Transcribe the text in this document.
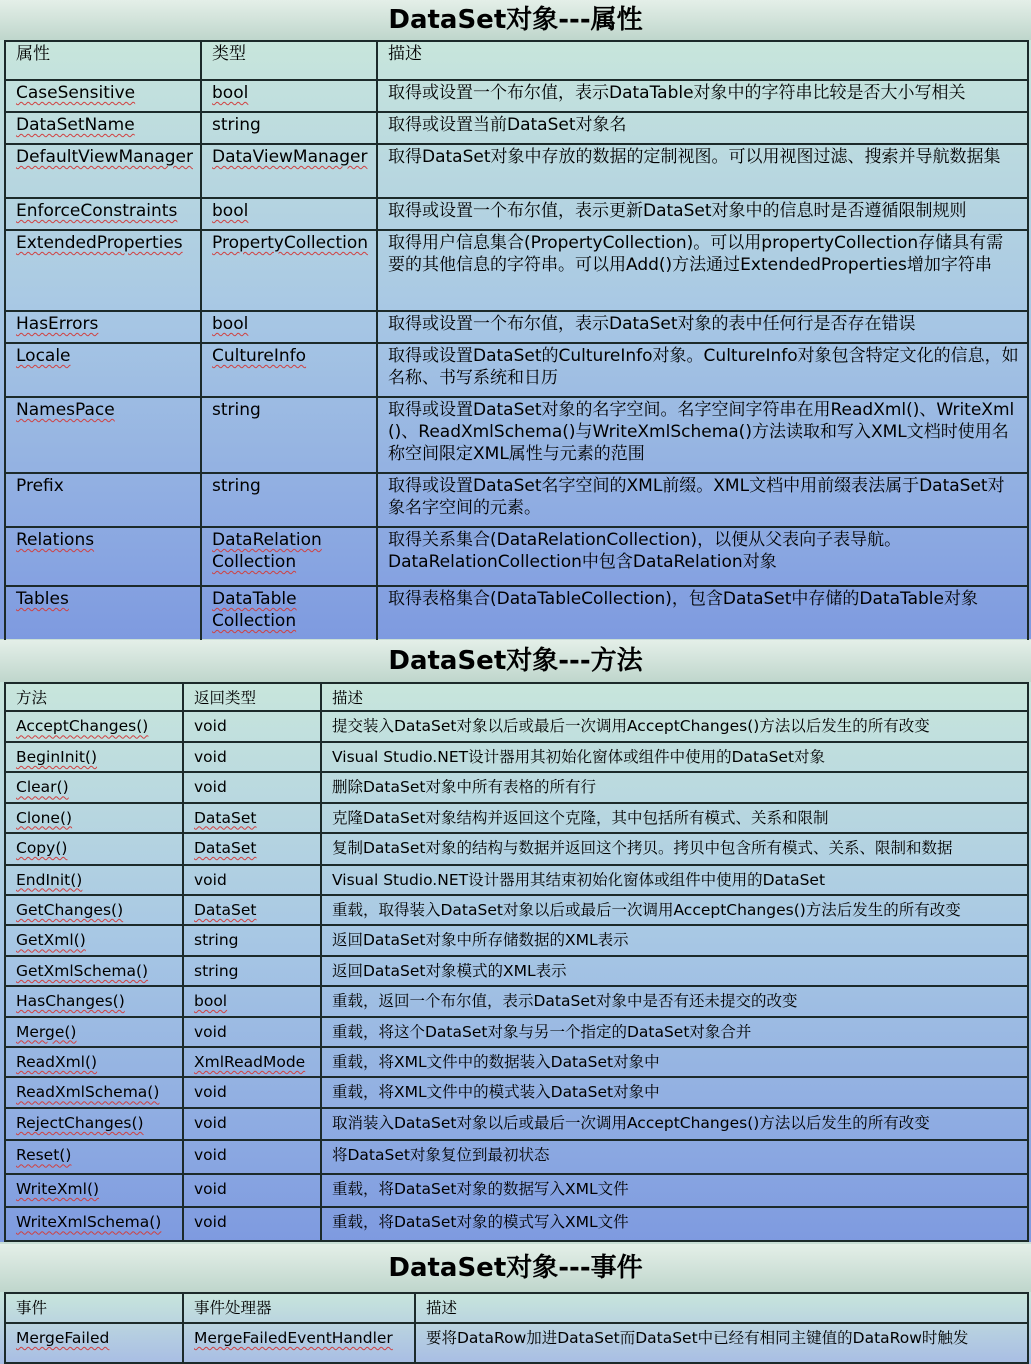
DataSet对象---属性
属性	类型	描述
CaseSensitive	bool	取得或设置一个布尔值，表示DataTable对象中的字符串比较是否大小写相关
DataSetName	string	取得或设置当前DataSet对象名
DefaultViewManager	DataViewManager	取得DataSet对象中存放的数据的定制视图。可以用视图过滤、搜索并导航数据集
EnforceConstraints	bool	取得或设置一个布尔值，表示更新DataSet对象中的信息时是否遵循限制规则
ExtendedProperties	PropertyCollection	取得用户信息集合(PropertyCollection)。可以用propertyCollection存储具有需要的其他信息的字符串。可以用Add()方法通过ExtendedProperties增加字符串
HasErrors	bool	取得或设置一个布尔值，表示DataSet对象的表中任何行是否存在错误
Locale	CultureInfo	取得或设置DataSet的CultureInfo对象。CultureInfo对象包含特定文化的信息，如名称、书写系统和日历
NamesPace	string	取得或设置DataSet对象的名字空间。名字空间字符串在用ReadXml()、WriteXml ()、ReadXmlSchema()与WriteXmlSchema()方法读取和写入XML文档时使用名称空间限定XML属性与元素的范围
Prefix	string	取得或设置DataSet名字空间的XML前缀。XML文档中用前缀表法属于DataSet对象名字空间的元素。
Relations	DataRelation Collection	取得关系集合(DataRelationCollection)，以便从父表向子表导航。DataRelationCollection中包含DataRelation对象
Tables	DataTable Collection	取得表格集合(DataTableCollection)，包含DataSet中存储的DataTable对象
DataSet对象---方法
方法	返回类型	描述
AcceptChanges()	void	提交装入DataSet对象以后或最后一次调用AcceptChanges()方法以后发生的所有改变
BeginInit()	void	Visual Studio.NET设计器用其初始化窗体或组件中使用的DataSet对象
Clear()	void	删除DataSet对象中所有表格的所有行
Clone()	DataSet	克隆DataSet对象结构并返回这个克隆，其中包括所有模式、关系和限制
Copy()	DataSet	复制DataSet对象的结构与数据并返回这个拷贝。拷贝中包含所有模式、关系、限制和数据
EndInit()	void	Visual Studio.NET设计器用其结束初始化窗体或组件中使用的DataSet
GetChanges()	DataSet	重载，取得装入DataSet对象以后或最后一次调用AcceptChanges()方法后发生的所有改变
GetXml()	string	返回DataSet对象中所存储数据的XML表示
GetXmlSchema()	string	返回DataSet对象模式的XML表示
HasChanges()	bool	重载，返回一个布尔值，表示DataSet对象中是否有还未提交的改变
Merge()	void	重载，将这个DataSet对象与另一个指定的DataSet对象合并
ReadXml()	XmlReadMode	重载，将XML文件中的数据装入DataSet对象中
ReadXmlSchema()	void	重载，将XML文件中的模式装入DataSet对象中
RejectChanges()	void	取消装入DataSet对象以后或最后一次调用AcceptChanges()方法以后发生的所有改变
Reset()	void	将DataSet对象复位到最初状态
WriteXml()	void	重载，将DataSet对象的数据写入XML文件
WriteXmlSchema()	void	重载，将DataSet对象的模式写入XML文件
DataSet对象---事件
事件	事件处理器	描述
MergeFailed	MergeFailedEventHandler	要将DataRow加进DataSet而DataSet中已经有相同主键值的DataRow时触发
